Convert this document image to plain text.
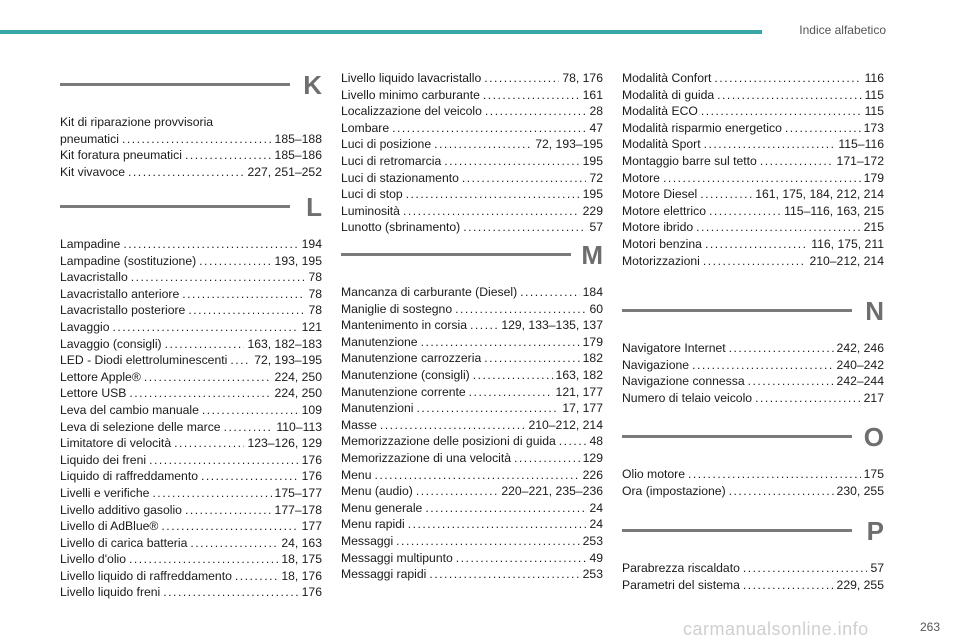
Indice alfabetico
K
Kit di riparazione provvisoria
pneumatici .....	185–188
Kit foratura pneumatici .....	185–186
Kit vivavoce .....	227, 251–252
L
Lampadine .....	194
Lampadine (sostituzione) .....	193, 195
Lavacristallo .....	78
Lavacristallo anteriore .....	78
Lavacristallo posteriore .....	78
Lavaggio .....	121
Lavaggio (consigli) .....	163, 182–183
LED - Diodi elettroluminescenti ..... 72, 193–195
Lettore Apple® .....	224, 250
Lettore USB .....	224, 250
Leva del cambio manuale .....	109
Leva di selezione delle marce .....	110–113
Limitatore di velocità .....	123–126, 129
Liquido dei freni .....	176
Liquido di raffreddamento .....	176
Livelli e verifiche .....	175–177
Livello additivo gasolio .....	177–178
Livello di AdBlue® .....	177
Livello di carica batteria .....	24, 163
Livello d'olio .....	18, 175
Livello liquido di raffreddamento .....	18, 176
Livello liquido freni .....	176
Livello liquido lavacristallo .....	78, 176
Livello minimo carburante .....	161
Localizzazione del veicolo .....	28
Lombare .....	47
Luci di posizione .....	72, 193–195
Luci di retromarcia .....	195
Luci di stazionamento .....	72
Luci di stop .....	195
Luminosità .....	229
Lunotto (sbrinamento) .....	57
M
Mancanza di carburante (Diesel) .....	184
Maniglie di sostegno .....	60
Mantenimento in corsia .....	129, 133–135, 137
Manutenzione .....	179
Manutenzione carrozzeria .....	182
Manutenzione (consigli) .....	163, 182
Manutenzione corrente .....	121, 177
Manutenzioni .....	17, 177
Masse .....	210–212, 214
Memorizzazione delle posizioni di guida .....	48
Memorizzazione di una velocità .....	129
Menu .....	226
Menu (audio) .....	220–221, 235–236
Menu generale .....	24
Menu rapidi .....	24
Messaggi .....	253
Messaggi multipunto .....	49
Messaggi rapidi .....	253
Modalità Confort .....	116
Modalità di guida .....	115
Modalità ECO .....	115
Modalità risparmio energetico .....	173
Modalità Sport .....	115–116
Montaggio barre sul tetto .....	171–172
Motore .....	179
Motore Diesel .....	161, 175, 184, 212, 214
Motore elettrico .....	115–116, 163, 215
Motore ibrido .....	215
Motori benzina .....	116, 175, 211
Motorizzazioni .....	210–212, 214
N
Navigatore Internet .....	242, 246
Navigazione .....	240–242
Navigazione connessa .....	242–244
Numero di telaio veicolo .....	217
O
Olio motore .....	175
Ora (impostazione) .....	230, 255
P
Parabrezza riscaldato .....	57
Parametri del sistema .....	229, 255
263
carmanualsonline.info
